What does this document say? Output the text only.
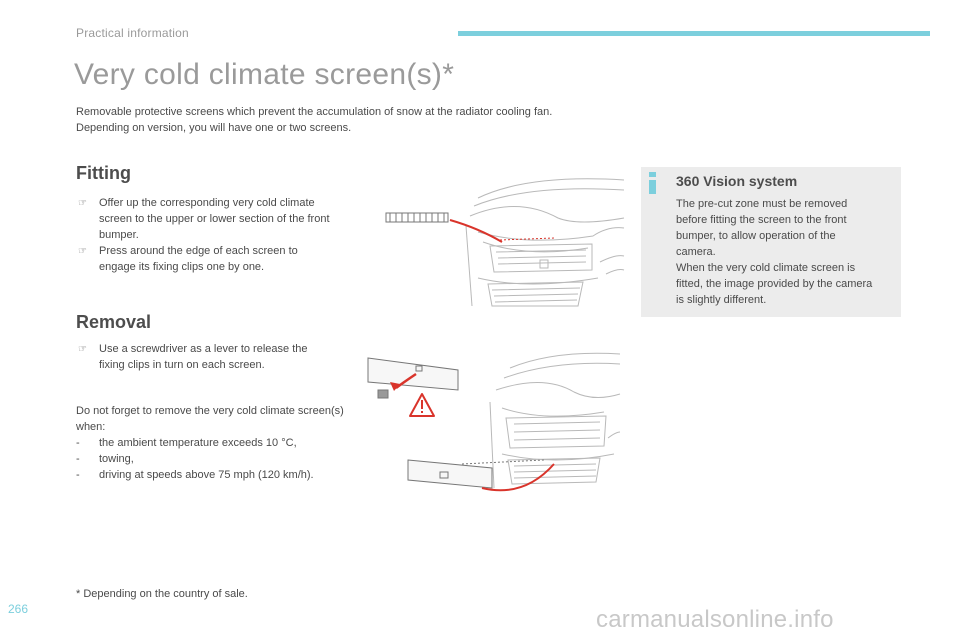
Practical information
Very cold climate screen(s)*

Removable protective screens which prevent the accumulation of snow at the radiator cooling fan.

Depending on version, you will have one or two screens.

Fitting
☞ Offer up the corresponding very cold climate screen to the upper or lower section of the front bumper.
☞ Press around the edge of each screen to engage its fixing clips one by one.
Removal
☞ Use a screwdriver as a lever to release the fixing clips in turn on each screen.

Do not forget to remove the very cold climate screen(s) when:

- the ambient temperature exceeds 10 °C,
- towing,
- driving at speeds above 75 mph (120 km/h).
360 Vision system

The pre-cut zone must be removed before fitting the screen to the front bumper, to allow operation of the camera.

When the very cold climate screen is fitted, the image provided by the camera is slightly different.

* Depending on the country of sale.
266	carmanualsonline.info
